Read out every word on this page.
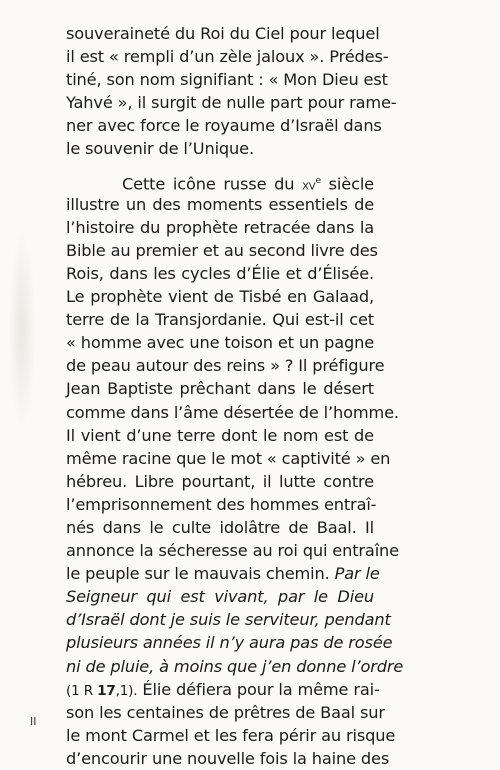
souveraineté du Roi du Ciel pour lequel
il est « rempli d’un zèle jaloux ». Prédes-
tiné, son nom signifiant : « Mon Dieu est
Yahvé », il surgit de nulle part pour rame-
ner avec force le royaume d’Israël dans
le souvenir de l’Unique.
Cette icône russe du $xv^e$ siècle
illustre un des moments essentiels de
l’histoire du prophète retracée dans la
Bible au premier et au second livre des
Rois, dans les cycles d’Élie et d’Élisée.
Le prophète vient de Tisbé en Galaad,
terre de la Transjordanie. Qui est-il cet
« homme avec une toison et un pagne
de peau autour des reins » ? Il préfigure
Jean Baptiste prêchant dans le désert
comme dans l’âme désertée de l’homme.
Il vient d’une terre dont le nom est de
même racine que le mot « captivité » en
hébreu. Libre pourtant, il lutte contre
l’emprisonnement des hommes entraî-
nés dans le culte idolâtre de Baal. Il
annonce la sécheresse au roi qui entraîne
le peuple sur le mauvais chemin. Par le
Seigneur qui est vivant, par le Dieu
d’Israël dont je suis le serviteur, pendant
plusieurs années il n’y aura pas de rosée
ni de pluie, à moins que j’en donne l’ordre
(1 R 17,1). Élie défiera pour la même rai-
son les centaines de prêtres de Baal sur
le mont Carmel et les fera périr au risque
d’encourir une nouvelle fois la haine des
II
